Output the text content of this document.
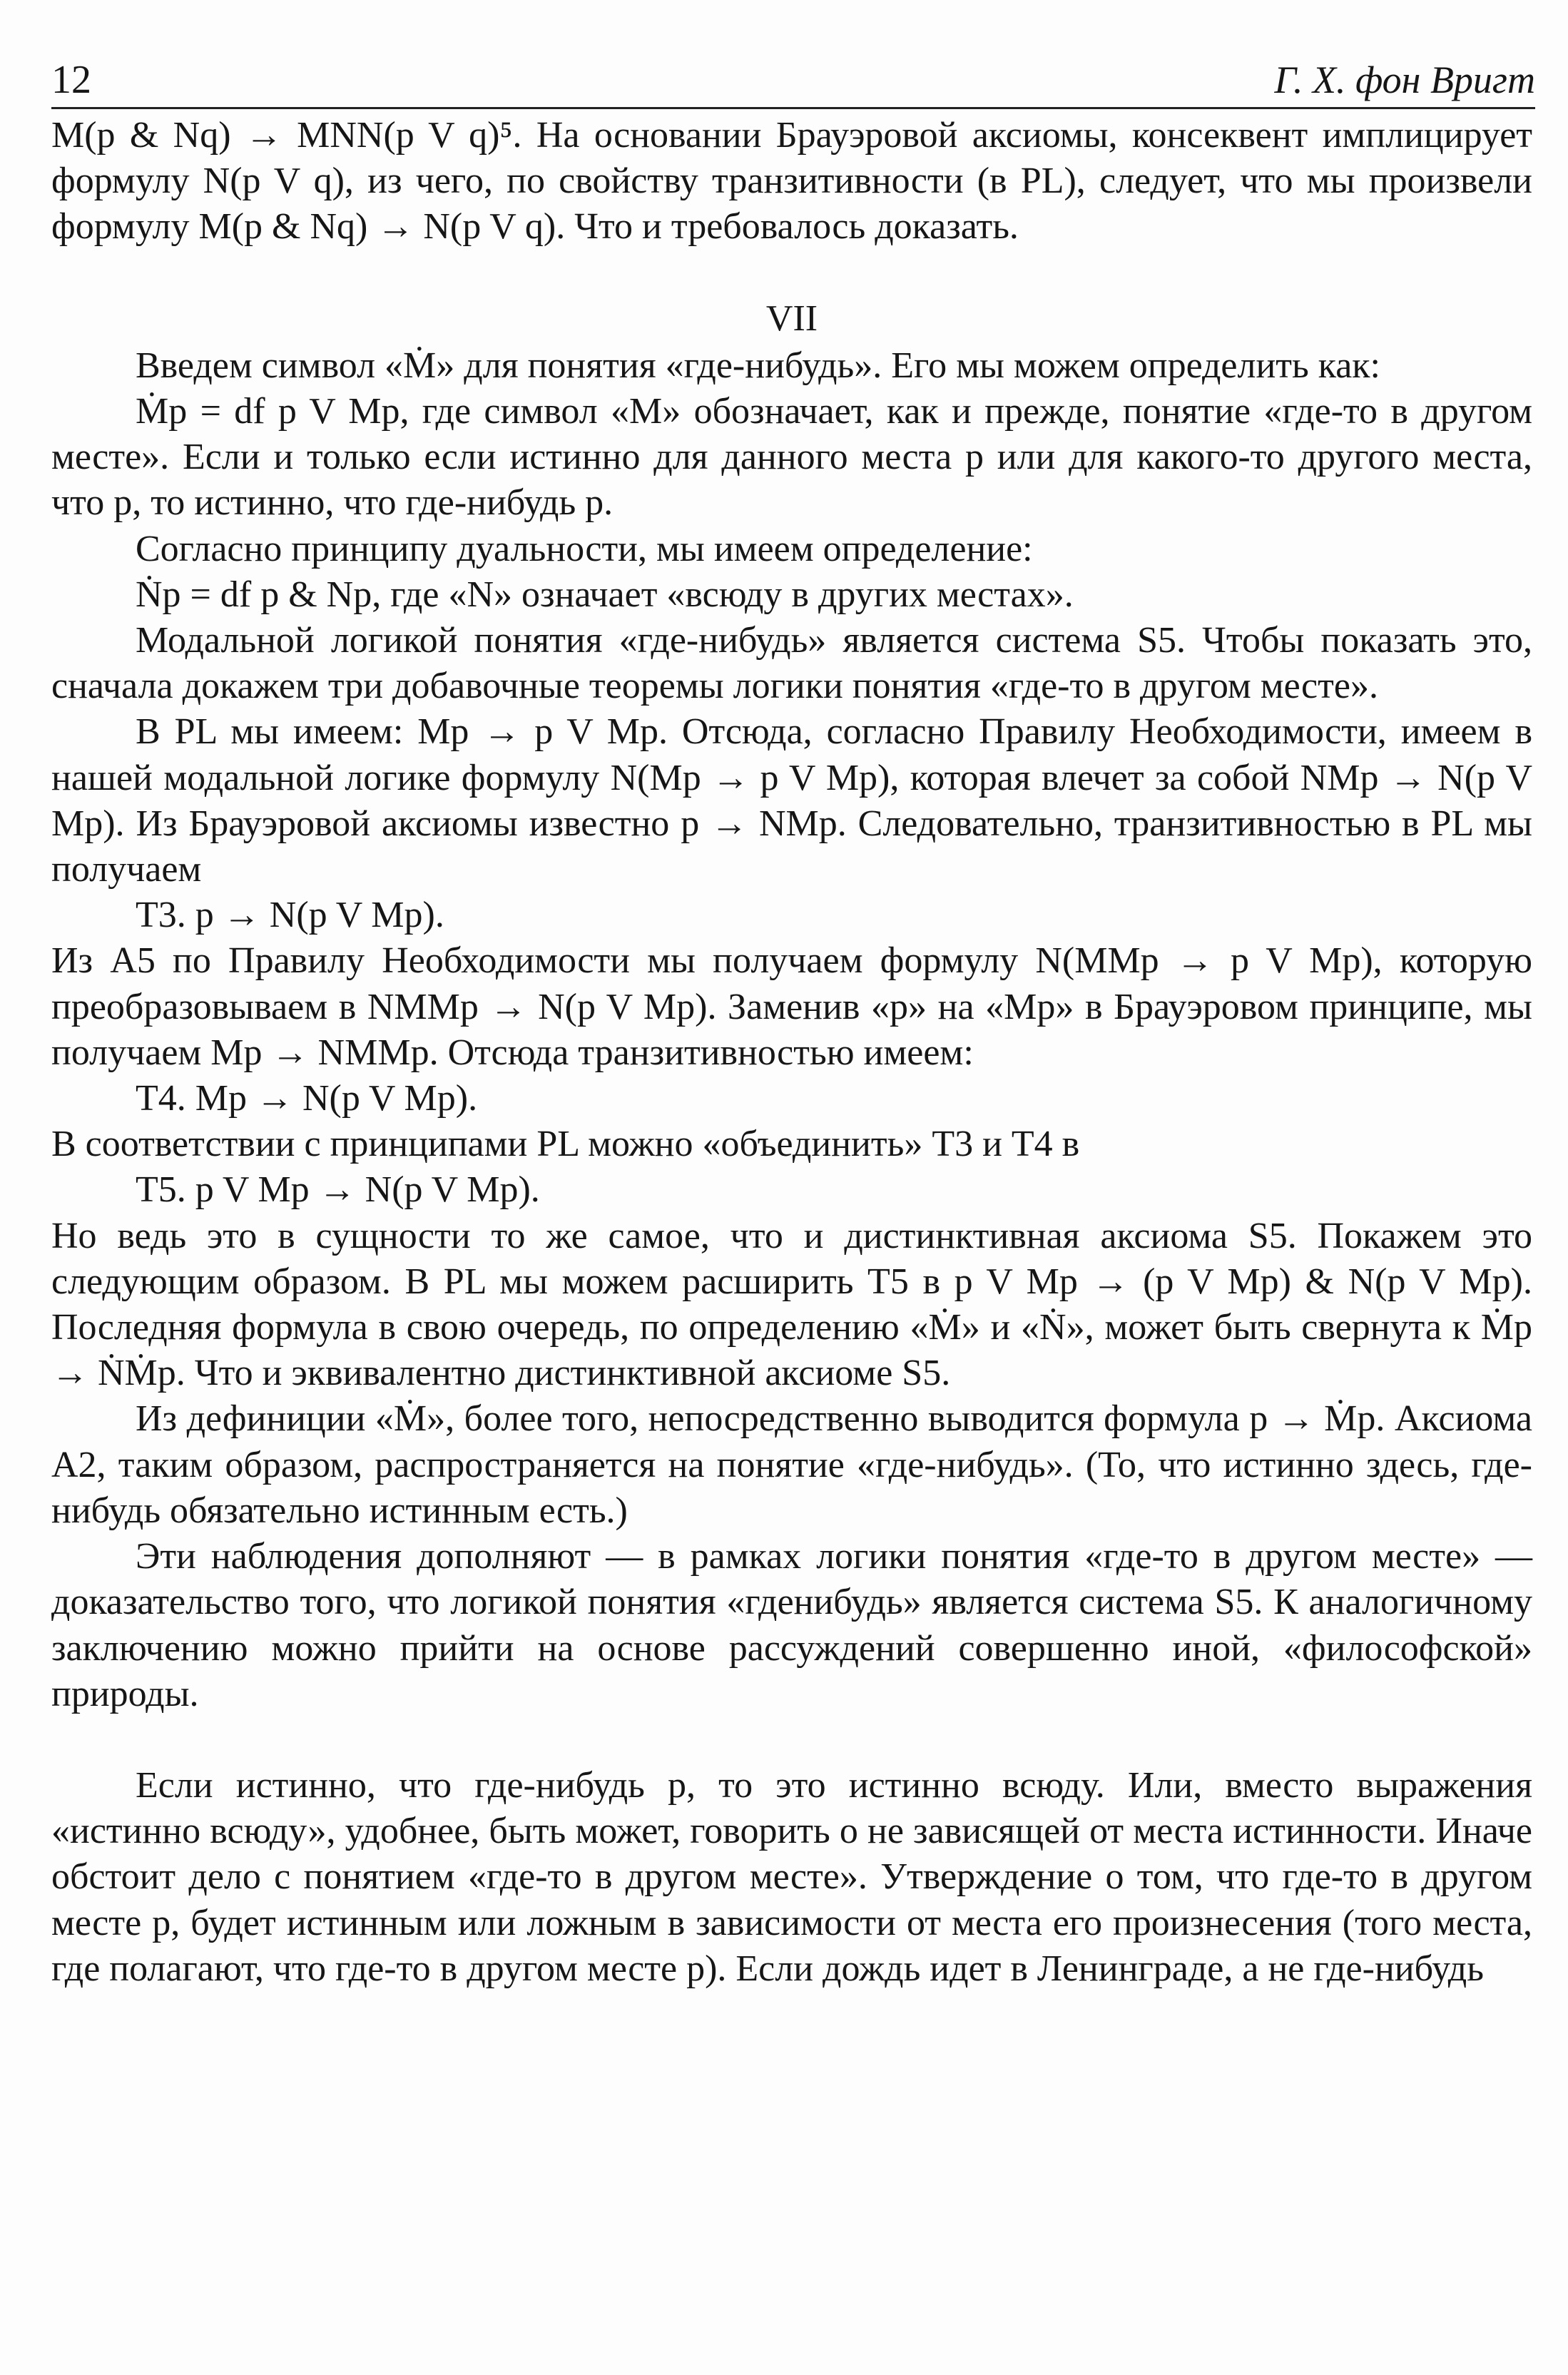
12	Г. Х. фон Вригт

M(p & Nq) → MNN(p V q)⁵. На основании Брауэровой аксиомы, консеквент имплицирует формулу N(p V q), из чего, по свойству транзитивности (в PL), следует, что мы произвели формулу M(p & Nq) → N(p V q). Что и требовалось доказать.

VII

Введем символ «Ṁ» для понятия «где-нибудь». Его мы можем определить как:

Ṁp = df p V Mp, где символ «M» обозначает, как и прежде, понятие «где-то в другом месте». Если и только если истинно для данного места p или для какого-то другого места, что p, то истинно, что где-нибудь p.

Согласно принципу дуальности, мы имеем определение:

Ṅp = df p & Np, где «N» означает «всюду в других местах».

Модальной логикой понятия «где-нибудь» является система S5. Чтобы показать это, сначала докажем три добавочные теоремы логики понятия «где-то в другом месте».

В PL мы имеем: Mp → p V Mp. Отсюда, согласно Правилу Необходимости, имеем в нашей модальной логике формулу N(Mp → p V Mp), которая влечет за собой NMp → N(p V Mp). Из Брауэровой аксиомы известно p → NMp. Следовательно, транзитивностью в PL мы получаем

Т3. p → N(p V Mp).

Из А5 по Правилу Необходимости мы получаем формулу N(MMp → p V Mp), которую преобразовываем в NMMp → N(p V Mp). Заменив «p» на «Mp» в Брауэровом принципе, мы получаем Mp → NMMp. Отсюда транзитивностью имеем:

Т4. Mp → N(p V Mp).

В соответствии с принципами PL можно «объединить» Т3 и Т4 в

Т5. p V Mp → N(p V Mp).

Но ведь это в сущности то же самое, что и дистинктивная аксиома S5. Покажем это следующим образом. В PL мы можем расширить Т5 в p V Mp → (p V Mp) & N(p V Mp). Последняя формула в свою очередь, по определению «Ṁ» и «Ṅ», может быть свернута к Ṁp → ṄṀp. Что и эквивалентно дистинктивной аксиоме S5.

Из дефиниции «Ṁ», более того, непосредственно выводится формула p → Ṁp. Аксиома А2, таким образом, распространяется на понятие «где-нибудь». (То, что истинно здесь, где-нибудь обязательно истинным есть.)

Эти наблюдения дополняют — в рамках логики понятия «где-то в другом месте» — доказательство того, что логикой понятия «гденибудь» является система S5. К аналогичному заключению можно прийти на основе рассуждений совершенно иной, «философской» природы.

Если истинно, что где-нибудь p, то это истинно всюду. Или, вместо выражения «истинно всюду», удобнее, быть может, говорить о не зависящей от места истинности. Иначе обстоит дело с понятием «где-то в другом месте». Утверждение о том, что где-то в другом месте p, будет истинным или ложным в зависимости от места его произнесения (того места, где полагают, что где-то в другом месте p). Если дождь идет в Ленинграде, а не где-нибудь
